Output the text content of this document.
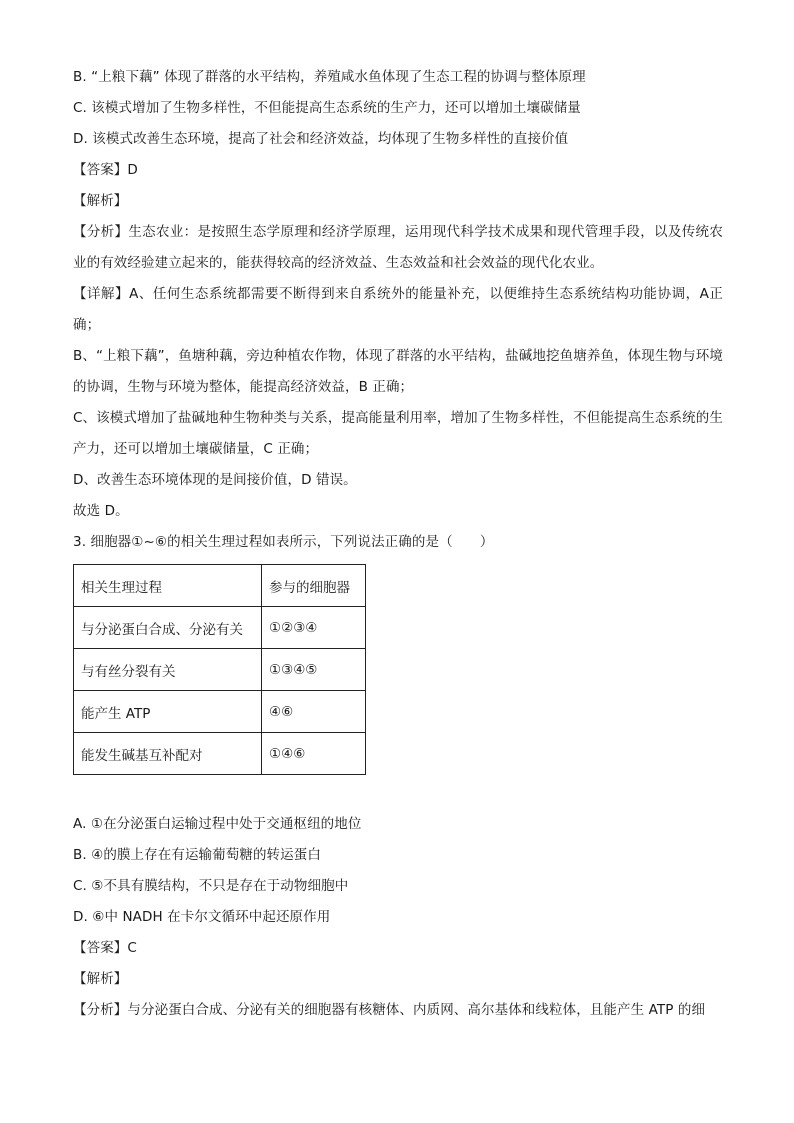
B. “上粮下藕” 体现了群落的水平结构，养殖咸水鱼体现了生态工程的协调与整体原理
C. 该模式增加了生物多样性，不但能提高生态系统的生产力，还可以增加土壤碳储量
D. 该模式改善生态环境，提高了社会和经济效益，均体现了生物多样性的直接价值
【答案】D
【解析】
【分析】生态农业：是按照生态学原理和经济学原理，运用现代科学技术成果和现代管理手段，以及传统农业的有效经验建立起来的，能获得较高的经济效益、生态效益和社会效益的现代化农业。
【详解】A、任何生态系统都需要不断得到来自系统外的能量补充，以便维持生态系统结构功能协调，A正确；
B、“上粮下藕”，鱼塘种藕，旁边种植农作物，体现了群落的水平结构，盐碱地挖鱼塘养鱼，体现生物与环境的协调，生物与环境为整体，能提高经济效益，B 正确；
C、该模式增加了盐碱地种生物种类与关系，提高能量利用率，增加了生物多样性，不但能提高生态系统的生产力，还可以增加土壤碳储量，C 正确；
D、改善生态环境体现的是间接价值，D 错误。
故选 D。
3. 细胞器①~⑥的相关生理过程如表所示，下列说法正确的是（　　）
相关生理过程	参与的细胞器
与分泌蛋白合成、分泌有关	①②③④
与有丝分裂有关	①③④⑤
能产生 ATP	④⑥
能发生碱基互补配对	①④⑥
A. ①在分泌蛋白运输过程中处于交通枢纽的地位
B. ④的膜上存在有运输葡萄糖的转运蛋白
C. ⑤不具有膜结构，不只是存在于动物细胞中
D. ⑥中 NADH 在卡尔文循环中起还原作用
【答案】C
【解析】
【分析】与分泌蛋白合成、分泌有关的细胞器有核糖体、内质网、高尔基体和线粒体，且能产生 ATP 的细
